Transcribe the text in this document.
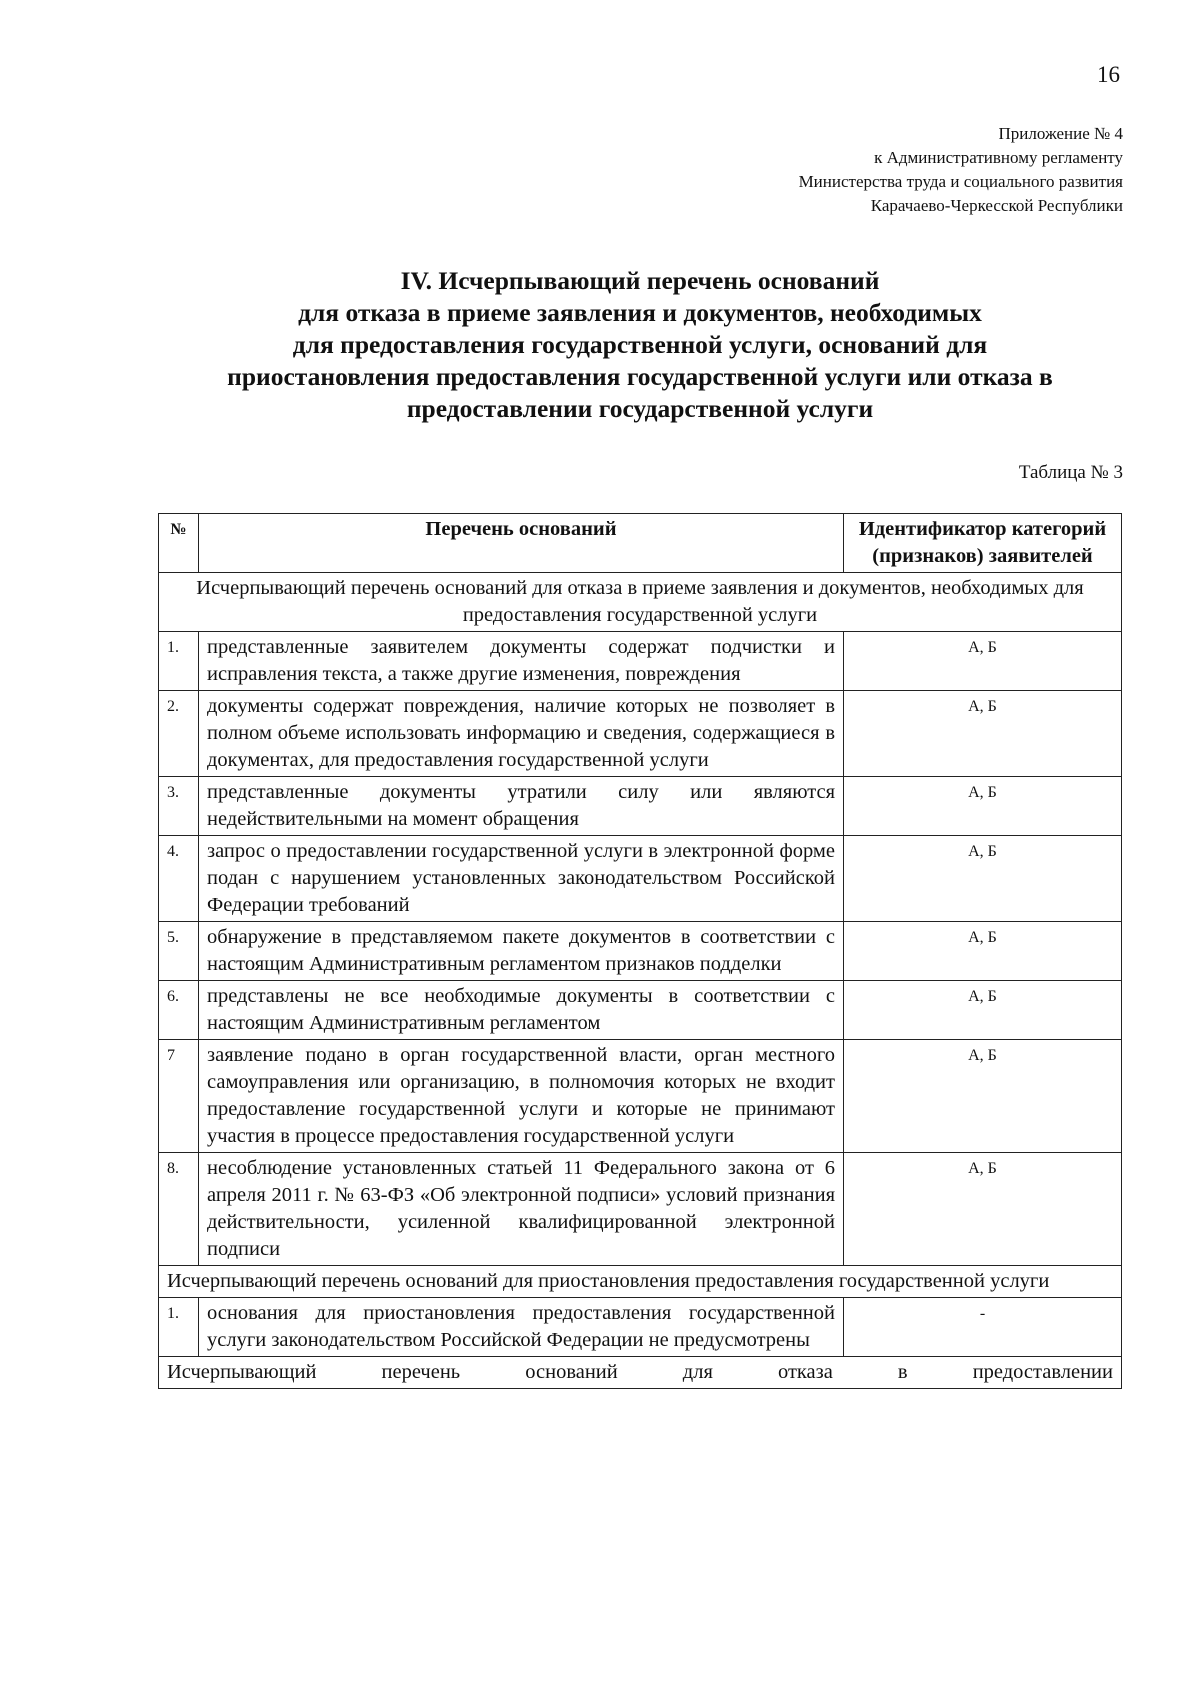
16
Приложение № 4
к Административному регламенту
Министерства труда и социального развития
Карачаево-Черкесской Республики
IV. Исчерпывающий перечень оснований
для отказа в приеме заявления и документов, необходимых
для предоставления государственной услуги, оснований для
приостановления предоставления государственной услуги или отказа в
предоставлении государственной услуги
Таблица № 3
№	Перечень оснований	Идентификатор категорий (признаков) заявителей
Исчерпывающий перечень оснований для отказа в приеме заявления и документов, необходимых для предоставления государственной услуги		
1.	представленные заявителем документы содержат подчистки и исправления текста, а также другие изменения, повреждения	А, Б
2.	документы содержат повреждения, наличие которых не позволяет в полном объеме использовать информацию и сведения, содержащиеся в документах, для предоставления государственной услуги	А, Б
3.	представленные документы утратили силу или являются недействительными на момент обращения	А, Б
4.	запрос о предоставлении государственной услуги в электронной форме подан с нарушением установленных законодательством Российской Федерации требований	А, Б
5.	обнаружение в представляемом пакете документов в соответствии с настоящим Административным регламентом признаков подделки	А, Б
6.	представлены не все необходимые документы в соответствии с настоящим Административным регламентом	А, Б
7	заявление подано в орган государственной власти, орган местного самоуправления или организацию, в полномочия которых не входит предоставление государственной услуги и которые не принимают участия в процессе предоставления государственной услуги	А, Б
8.	несоблюдение установленных статьей 11 Федерального закона от 6 апреля 2011 г. № 63-ФЗ «Об электронной подписи» условий признания действительности, усиленной квалифицированной электронной подписи	А, Б
Исчерпывающий перечень оснований для приостановления предоставления государственной услуги		
1.	основания для приостановления предоставления государственной услуги законодательством Российской Федерации не предусмотрены	-
Исчерпывающий перечень оснований для отказа в предоставлении		
